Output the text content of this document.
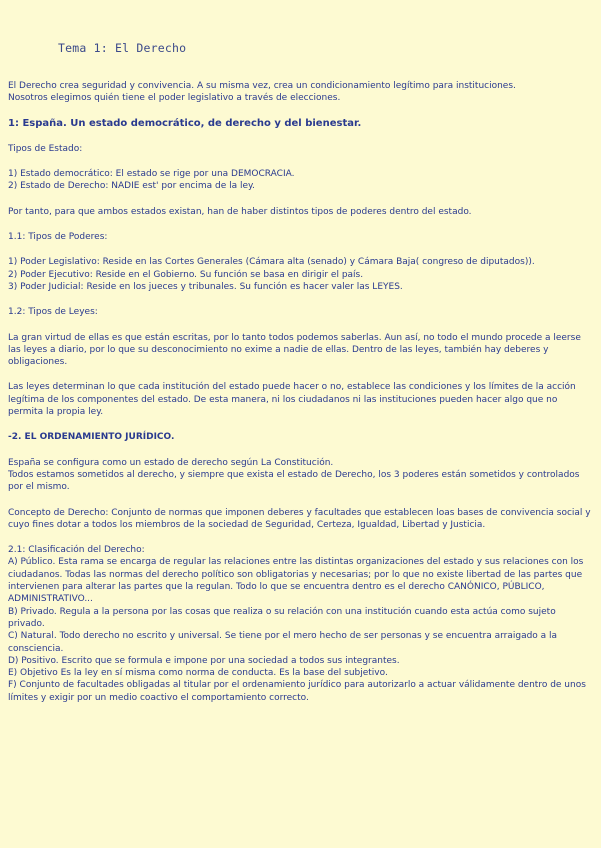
Tema 1: El Derecho

El Derecho crea seguridad y convivencia. A su misma vez, crea un condicionamiento legítimo para instituciones.

Nosotros elegimos quién tiene el poder legislativo a través de elecciones.

1: España. Un estado democrático, de derecho y del bienestar.

Tipos de Estado:

1) Estado democrático: El estado se rige por una DEMOCRACIA.

2) Estado de Derecho: NADIE est' por encima de la ley.

Por tanto, para que ambos estados existan, han de haber distintos tipos de poderes dentro del estado.

1.1: Tipos de Poderes:

1) Poder Legislativo: Reside en las Cortes Generales (Cámara alta (senado) y Cámara Baja( congreso de diputados)).

2) Poder Ejecutivo: Reside en el Gobierno. Su función se basa en dirigir el país.

3) Poder Judicial: Reside en los jueces y tribunales. Su función es hacer valer las LEYES.

1.2: Tipos de Leyes:

La gran virtud de ellas es que están escritas, por lo tanto todos podemos saberlas. Aun así, no todo el mundo procede a leerse las leyes a diario, por lo que su desconocimiento no exime a nadie de ellas. Dentro de las leyes, también hay deberes y obligaciones.

Las leyes determinan lo que cada institución del estado puede hacer o no, establece las condiciones y los límites de la acción legítima de los componentes del estado. De esta manera, ni los ciudadanos ni las instituciones pueden hacer algo que no permita la propia ley.

-2. EL ORDENAMIENTO JURÍDICO.

España se configura como un estado de derecho según La Constitución.

Todos estamos sometidos al derecho, y siempre que exista el estado de Derecho, los 3 poderes están sometidos y controlados por el mismo.

Concepto de Derecho: Conjunto de normas que imponen deberes y facultades que establecen loas bases de convivencia social y cuyo fines dotar a todos los miembros de la sociedad de Seguridad, Certeza, Igualdad, Libertad y Justicia.

2.1: Clasificación del Derecho:

A) Público. Esta rama se encarga de regular las relaciones entre las distintas organizaciones del estado y sus relaciones con los ciudadanos. Todas las normas del derecho político son obligatorias y necesarias; por lo que no existe libertad de las partes que intervienen para alterar las partes que la regulan. Todo lo que se encuentra dentro es el derecho CANÓNICO, PÚBLICO, ADMINISTRATIVO...

B) Privado. Regula a la persona por las cosas que realiza o su relación con una institución cuando esta actúa como sujeto privado.

C) Natural. Todo derecho no escrito y universal. Se tiene por el mero hecho de ser personas y se encuentra arraigado a la consciencia.

D) Positivo. Escrito que se formula e impone por una sociedad a todos sus integrantes.

E) Objetivo Es la ley en sí misma como norma de conducta. Es la base del subjetivo.

F) Conjunto de facultades obligadas al titular por el ordenamiento jurídico para autorizarlo a actuar válidamente dentro de unos límites y exigir por un medio coactivo el comportamiento correcto.
